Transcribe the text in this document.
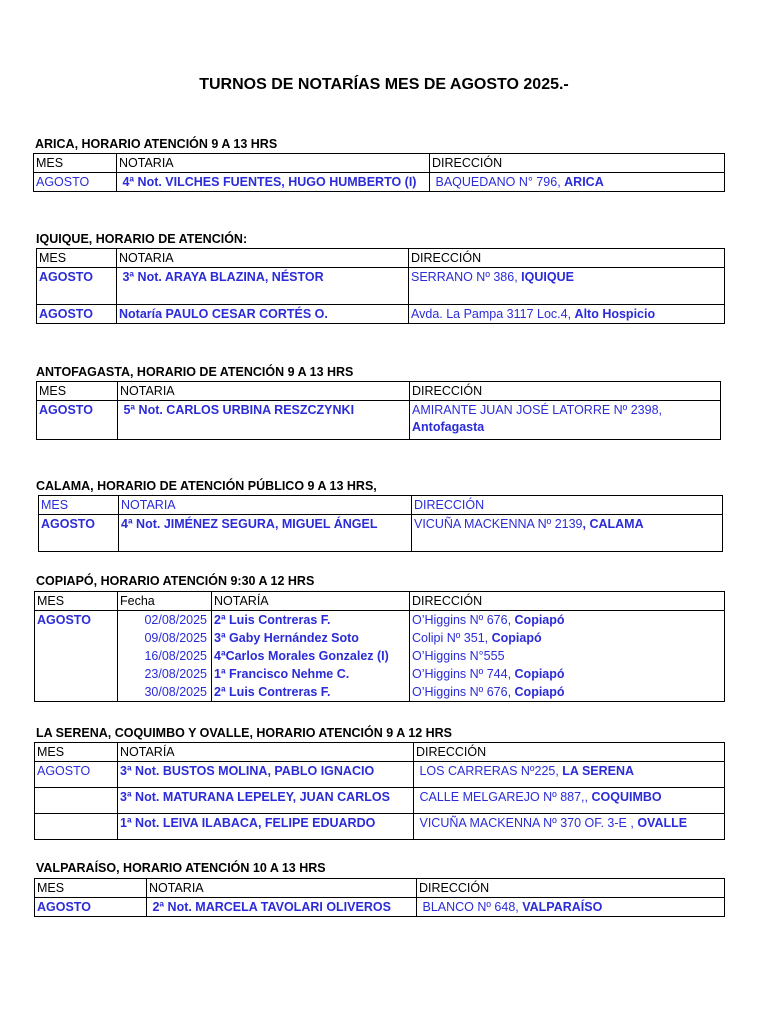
TURNOS DE NOTARÍAS MES DE AGOSTO 2025.-
ARICA, HORARIO ATENCIÓN 9 A 13 HRS
MES	NOTARIA	DIRECCIÓN
AGOSTO	4ª Not. VILCHES FUENTES, HUGO HUMBERTO (I)	BAQUEDANO N° 796, ARICA
IQUIQUE, HORARIO DE ATENCIÓN:
MES	NOTARIA	DIRECCIÓN
AGOSTO	3ª Not. ARAYA BLAZINA, NÉSTOR	SERRANO Nº 386, IQUIQUE
AGOSTO	Notaría PAULO CESAR CORTÉS O.	Avda. La Pampa 3117 Loc.4, Alto Hospicio
ANTOFAGASTA, HORARIO DE ATENCIÓN 9 A 13 HRS
MES	NOTARIA	DIRECCIÓN
AGOSTO	5ª Not. CARLOS URBINA RESZCZYNKI	AMIRANTE JUAN JOSÉ LATORRE Nº 2398,
Antofagasta
CALAMA, HORARIO DE ATENCIÓN PÚBLICO 9 A 13 HRS,
MES	NOTARIA	DIRECCIÓN
AGOSTO	4ª Not. JIMÉNEZ SEGURA, MIGUEL ÁNGEL	VICUÑA MACKENNA Nº 2139, CALAMA
COPIAPÓ, HORARIO ATENCIÓN 9:30 A 12 HRS
MES	Fecha	NOTARÍA	DIRECCIÓN
AGOSTO	02/08/2025	2ª Luis Contreras F.	O’Higgins Nº 676, Copiapó
	09/08/2025	3ª Gaby Hernández Soto	Colipi Nº 351, Copiapó
	16/08/2025	4ªCarlos Morales Gonzalez (I)	O’Higgins N°555
	23/08/2025	1ª Francisco Nehme C.	O’Higgins Nº 744, Copiapó
	30/08/2025	2ª Luis Contreras F.	O’Higgins Nº 676, Copiapó
LA SERENA, COQUIMBO Y OVALLE, HORARIO ATENCIÓN 9 A 12 HRS
MES	NOTARÍA	DIRECCIÓN
AGOSTO	3ª Not. BUSTOS MOLINA, PABLO IGNACIO	LOS CARRERAS Nº225, LA SERENA
	3ª Not. MATURANA LEPELEY, JUAN CARLOS	CALLE MELGAREJO Nº 887,, COQUIMBO
	1ª Not. LEIVA ILABACA, FELIPE EDUARDO	VICUÑA MACKENNA Nº 370 OF. 3-E , OVALLE
VALPARAÍSO, HORARIO ATENCIÓN 10 A 13 HRS
MES	NOTARIA	DIRECCIÓN
AGOSTO	2ª Not. MARCELA TAVOLARI OLIVEROS	BLANCO Nº 648, VALPARAÍSO
